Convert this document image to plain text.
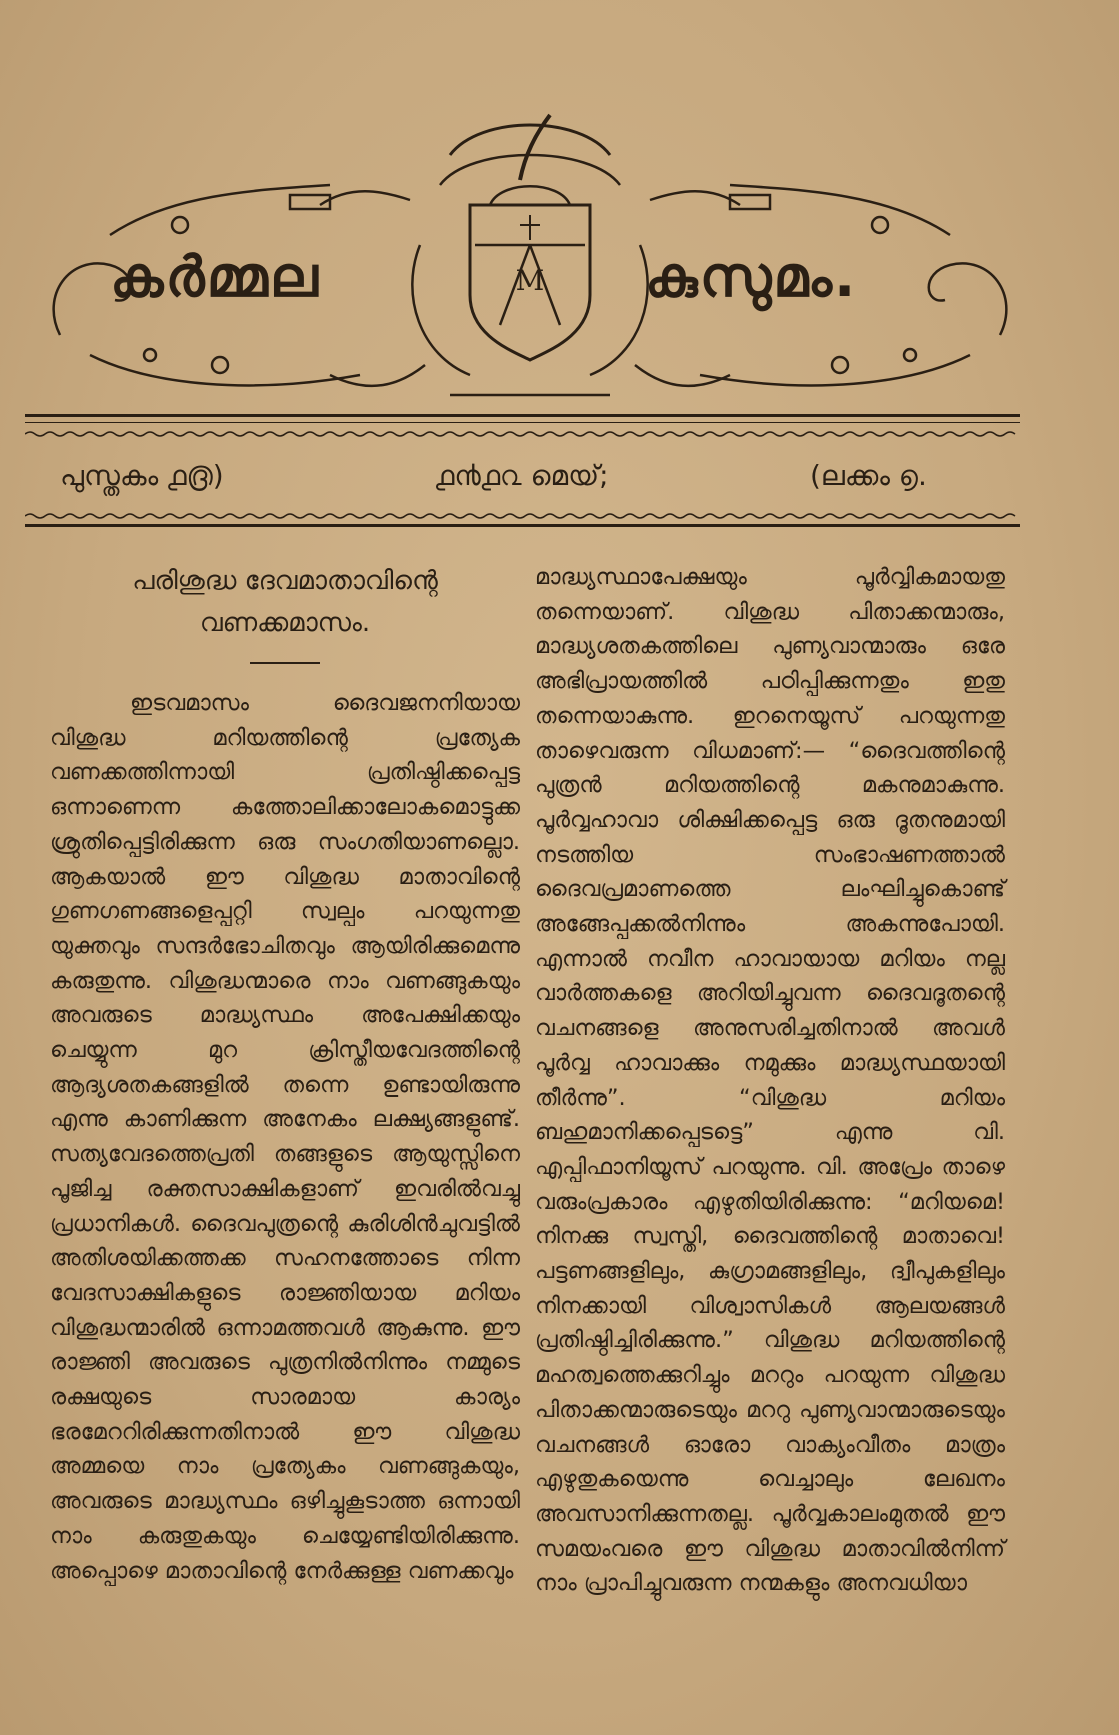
M
കർമ്മല	കുസുമം.
പുസ്തകം ൧൫)	൧൯൧൨ മെയ്;	(ലക്കം ൭.
പരിശുദ്ധ ദേവമാതാവിന്റെ
വണക്കമാസം.

ഇടവമാസം ദൈവജനനിയായ വിശുദ്ധ മറിയത്തിന്റെ പ്രത്യേക വണക്കത്തിന്നായി പ്രതിഷ്ഠിക്കപ്പെട്ട ഒന്നാണെന്ന കത്തോലിക്കാലോകമൊട്ടുക്ക ശ്രുതിപ്പെട്ടിരിക്കുന്ന ഒരു സംഗതിയാണല്ലൊ. ആകയാൽ ഈ വിശുദ്ധ മാതാവിന്റെ ഗുണഗണങ്ങളെപ്പറ്റി സ്വല്പം പറയുന്നതു യുക്തവും സന്ദർഭോചിതവും ആയിരിക്കുമെന്നു കരുതുന്നു. വിശുദ്ധന്മാരെ നാം വണങ്ങുകയും അവരുടെ മാദ്ധ്യസ്ഥം അപേക്ഷിക്കയും ചെയ്യുന്ന മുറ ക്രിസ്തീയവേദത്തിന്റെ ആദ്യശതകങ്ങളിൽ തന്നെ ഉണ്ടായിരുന്നു എന്നു കാണിക്കുന്ന അനേകം ലക്ഷ്യങ്ങളുണ്ട്. സത്യവേദത്തെപ്രതി തങ്ങളുടെ ആയുസ്സിനെ പൂജിച്ച രക്തസാക്ഷികളാണ് ഇവരിൽവച്ചു പ്രധാനികൾ. ദൈവപുത്രന്റെ കുരിശിൻചുവട്ടിൽ അതിശയിക്കത്തക്ക സഹനത്തോടെ നിന്ന വേദസാക്ഷികളുടെ രാജ്ഞിയായ മറിയം വിശുദ്ധന്മാരിൽ ഒന്നാമത്തവൾ ആകുന്നു. ഈ രാജ്ഞി അവരുടെ പുത്രനിൽനിന്നും നമ്മുടെ രക്ഷയുടെ സാരമായ കാര്യം ഭരമേററിരിക്കുന്നതിനാൽ ഈ വിശുദ്ധ അമ്മയെ നാം പ്രത്യേകം വണങ്ങുകയും, അവരുടെ മാദ്ധ്യസ്ഥം ഒഴിച്ചുകൂടാത്ത ഒന്നായി നാം കരുതുകയും ചെയ്യേണ്ടിയിരിക്കുന്നു. അപ്പൊഴെ മാതാവിന്റെ നേർക്കുള്ള വണക്കവും

മാദ്ധ്യസ്ഥാപേക്ഷയും പൂർവ്വികമായതു തന്നെയാണ്. വിശുദ്ധ പിതാക്കന്മാരും, മാദ്ധ്യശതകത്തിലെ പുണ്യവാന്മാരും ഒരേ അഭിപ്രായത്തിൽ പഠിപ്പിക്കുന്നതും ഇതു തന്നെയാകുന്നു. ഇറനെയൂസ് പറയുന്നതു താഴെവരുന്ന വിധമാണ്:— “ദൈവത്തിന്റെ പുത്രൻ മറിയത്തിന്റെ മകനുമാകുന്നു. പൂർവ്വഹാവാ ശിക്ഷിക്കപ്പെട്ട ഒരു ദൂതനുമായി നടത്തിയ സംഭാഷണത്താൽ ദൈവപ്രമാണത്തെ ലംഘിച്ചുകൊണ്ട് അങ്ങേപ്പക്കൽനിന്നും അകന്നുപോയി. എന്നാൽ നവീന ഹാവായായ മറിയം നല്ല വാർത്തകളെ അറിയിച്ചുവന്ന ദൈവദൂതന്റെ വചനങ്ങളെ അനുസരിച്ചതിനാൽ അവൾ പൂർവ്വ ഹാവാക്കും നമുക്കും മാദ്ധ്യസ്ഥയായി തീർന്നു”. “വിശുദ്ധ മറിയം ബഹുമാനിക്കപ്പെടട്ടെ” എന്നു വി. എപ്പിഫാനിയൂസ് പറയുന്നു. വി. അപ്രേം താഴെ വരുംപ്രകാരം എഴുതിയിരിക്കുന്നു: “മറിയമെ! നിനക്കു സ്വസ്തി, ദൈവത്തിന്റെ മാതാവെ! പട്ടണങ്ങളിലും, കുഗ്രാമങ്ങളിലും, ദ്വീപുകളിലും നിനക്കായി വിശ്വാസികൾ ആലയങ്ങൾ പ്രതിഷ്ഠിച്ചിരിക്കുന്നു.” വിശുദ്ധ മറിയത്തിന്റെ മഹത്വത്തെക്കുറിച്ചും മററും പറയുന്ന വിശുദ്ധ പിതാക്കന്മാരുടെയും മററു പുണ്യവാന്മാരുടെയും വചനങ്ങൾ ഓരോ വാക്യംവീതം മാത്രം എഴുതുകയെന്നു വെച്ചാലും ലേഖനം അവസാനിക്കുന്നതല്ല. പൂർവ്വകാലംമുതൽ ഈ സമയംവരെ ഈ വിശുദ്ധ മാതാവിൽനിന്ന് നാം പ്രാപിച്ചുവരുന്ന നന്മകളും അനവധിയാ
